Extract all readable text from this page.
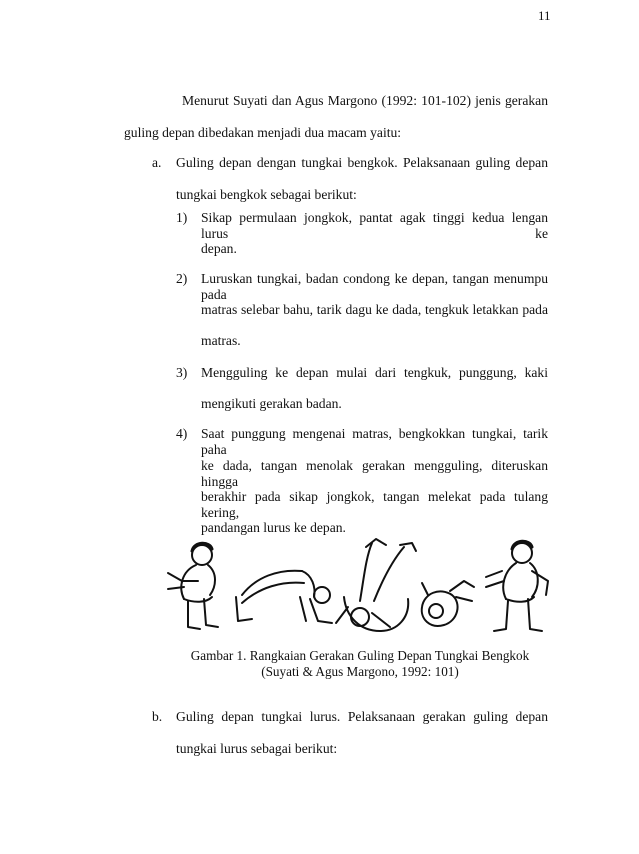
11
Menurut Suyati dan Agus Margono (1992: 101-102) jenis gerakan
guling depan dibedakan menjadi dua macam yaitu:
a. Guling depan dengan tungkai bengkok. Pelaksanaan guling depan
tungkai bengkok sebagai berikut:
1) Sikap permulaan jongkok, pantat agak tinggi kedua lengan lurus ke
depan.
2) Luruskan tungkai, badan condong ke depan, tangan menumpu pada
matras selebar bahu, tarik dagu ke dada, tengkuk letakkan pada
matras.
3) Mengguling ke depan mulai dari tengkuk, punggung, kaki
mengikuti gerakan badan.
4) Saat punggung mengenai matras, bengkokkan tungkai, tarik paha
ke dada, tangan menolak gerakan mengguling, diteruskan hingga
berakhir pada sikap jongkok, tangan melekat pada tulang kering,
pandangan lurus ke depan.
Gambar 1. Rangkaian Gerakan Guling Depan Tungkai Bengkok
(Suyati & Agus Margono, 1992: 101)
b. Guling depan tungkai lurus. Pelaksanaan gerakan guling depan
tungkai lurus sebagai berikut:
